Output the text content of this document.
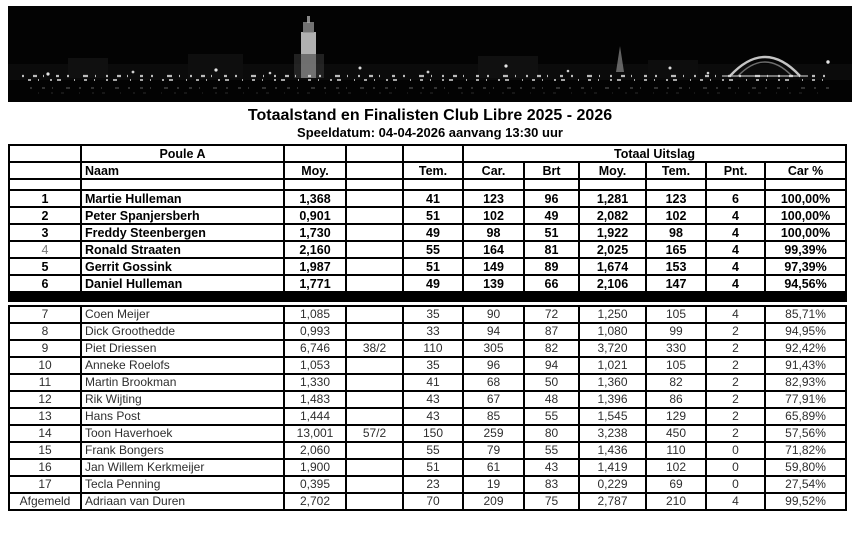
Totaalstand en Finalisten Club Libre 2025 - 2026
Speeldatum: 04-04-2026 aanvang 13:30 uur
	Poule A				Totaal Uitslag					
	Naam	Moy.		Tem.	Car.	Brt	Moy.	Tem.	Pnt.	Car %

1	Martie Hulleman	1,368		41	123	96	1,281	123	6	100,00%
2	Peter Spanjersberh	0,901		51	102	49	2,082	102	4	100,00%
3	Freddy Steenbergen	1,730		49	98	51	1,922	98	4	100,00%
4	Ronald Straaten	2,160		55	164	81	2,025	165	4	99,39%
5	Gerrit Gossink	1,987		51	149	89	1,674	153	4	97,39%
6	Daniel Hulleman	1,771		49	139	66	2,106	147	4	94,56%

7	Coen Meijer	1,085		35	90	72	1,250	105	4	85,71%
8	Dick Groothedde	0,993		33	94	87	1,080	99	2	94,95%
9	Piet Driessen	6,746	38/2	110	305	82	3,720	330	2	92,42%
10	Anneke Roelofs	1,053		35	96	94	1,021	105	2	91,43%
11	Martin Brookman	1,330		41	68	50	1,360	82	2	82,93%
12	Rik Wijting	1,483		43	67	48	1,396	86	2	77,91%
13	Hans Post	1,444		43	85	55	1,545	129	2	65,89%
14	Toon Haverhoek	13,001	57/2	150	259	80	3,238	450	2	57,56%
15	Frank Bongers	2,060		55	79	55	1,436	110	0	71,82%
16	Jan Willem Kerkmeijer	1,900		51	61	43	1,419	102	0	59,80%
17	Tecla Penning	0,395		23	19	83	0,229	69	0	27,54%
Afgemeld	Adriaan van Duren	2,702		70	209	75	2,787	210	4	99,52%
